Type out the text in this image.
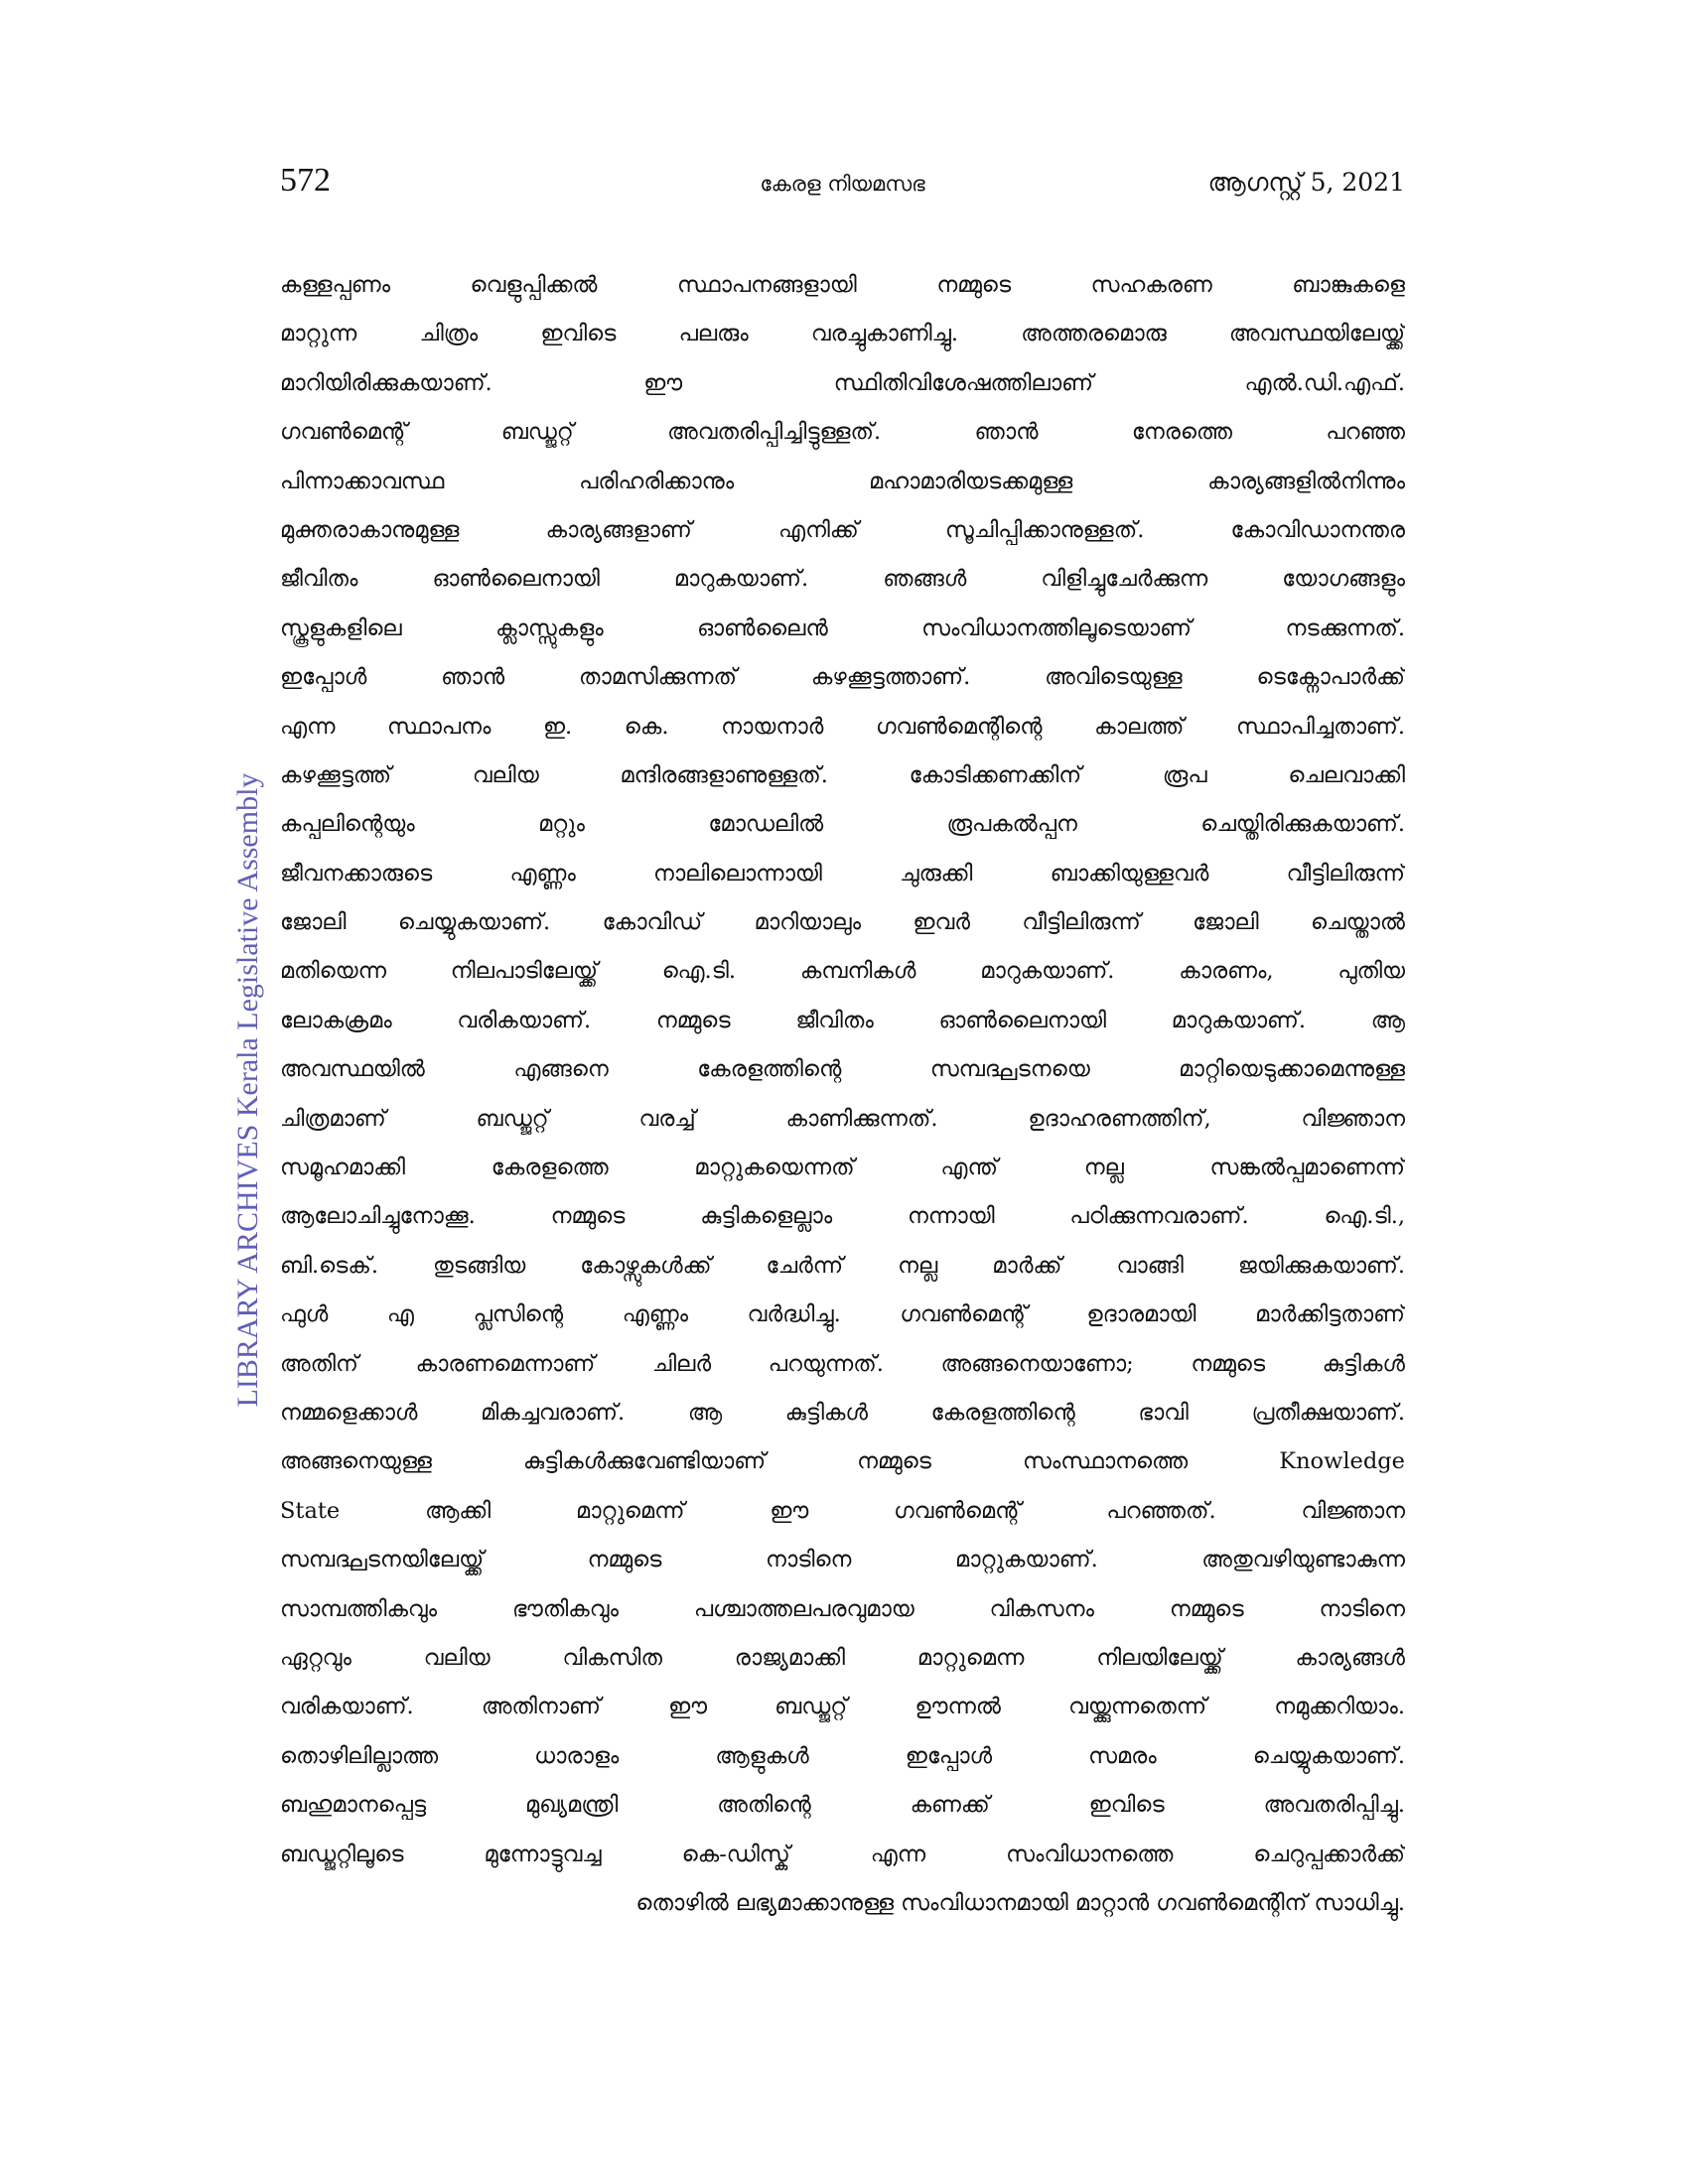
572	കേരള നിയമസഭ	ആഗസ്റ്റ് 5, 2021
LIBRARY ARCHIVES Kerala Legislative Assembly
കള്ളപ്പണം വെളുപ്പിക്കൽ സ്ഥാപനങ്ങളായി നമ്മുടെ സഹകരണ ബാങ്കുകളെ
മാറ്റുന്ന ചിത്രം ഇവിടെ പലരും വരച്ചുകാണിച്ചു. അത്തരമൊരു അവസ്ഥയിലേയ്ക്ക്
മാറിയിരിക്കുകയാണ്. ഈ സ്ഥിതിവിശേഷത്തിലാണ് എൽ.ഡി.എഫ്.
ഗവൺമെന്റ് ബഡ്ജറ്റ് അവതരിപ്പിച്ചിട്ടുള്ളത്. ഞാൻ നേരത്തെ പറഞ്ഞ
പിന്നാക്കാവസ്ഥ പരിഹരിക്കാനും മഹാമാരിയടക്കമുള്ള കാര്യങ്ങളിൽനിന്നും
മുക്തരാകാനുമുള്ള കാര്യങ്ങളാണ് എനിക്ക് സൂചിപ്പിക്കാനുള്ളത്. കോവിഡാനന്തര
ജീവിതം ഓൺലൈനായി മാറുകയാണ്. ഞങ്ങൾ വിളിച്ചുചേർക്കുന്ന യോഗങ്ങളും
സ്കൂളുകളിലെ ക്ലാസ്സുകളും ഓൺലൈൻ സംവിധാനത്തിലൂടെയാണ് നടക്കുന്നത്.
ഇപ്പോൾ ഞാൻ താമസിക്കുന്നത് കഴക്കൂട്ടത്താണ്. അവിടെയുള്ള ടെക്നോപാർക്ക്
എന്ന സ്ഥാപനം ഇ. കെ. നായനാർ ഗവൺമെന്റിന്റെ കാലത്ത് സ്ഥാപിച്ചതാണ്.
കഴക്കൂട്ടത്ത് വലിയ മന്ദിരങ്ങളാണുള്ളത്. കോടിക്കണക്കിന് രൂപ ചെലവാക്കി
കപ്പലിന്റെയും മറ്റും മോഡലിൽ രൂപകൽപ്പന ചെയ്തിരിക്കുകയാണ്.
ജീവനക്കാരുടെ എണ്ണം നാലിലൊന്നായി ചുരുക്കി ബാക്കിയുള്ളവർ വീട്ടിലിരുന്ന്
ജോലി ചെയ്യുകയാണ്. കോവിഡ് മാറിയാലും ഇവർ വീട്ടിലിരുന്ന് ജോലി ചെയ്താൽ
മതിയെന്ന നിലപാടിലേയ്ക്ക് ഐ.ടി. കമ്പനികൾ മാറുകയാണ്. കാരണം, പുതിയ
ലോകക്രമം വരികയാണ്. നമ്മുടെ ജീവിതം ഓൺലൈനായി മാറുകയാണ്. ആ
അവസ്ഥയിൽ എങ്ങനെ കേരളത്തിന്റെ സമ്പദ്ഘടനയെ മാറ്റിയെടുക്കാമെന്നുള്ള
ചിത്രമാണ് ബഡ്ജറ്റ് വരച്ച് കാണിക്കുന്നത്. ഉദാഹരണത്തിന്, വിജ്ഞാന
സമൂഹമാക്കി കേരളത്തെ മാറ്റുകയെന്നത് എന്ത് നല്ല സങ്കൽപ്പമാണെന്ന്
ആലോചിച്ചുനോക്കൂ. നമ്മുടെ കുട്ടികളെല്ലാം നന്നായി പഠിക്കുന്നവരാണ്. ഐ.ടി.,
ബി.ടെക്. തുടങ്ങിയ കോഴ്സുകൾക്ക് ചേർന്ന് നല്ല മാർക്ക് വാങ്ങി ജയിക്കുകയാണ്.
ഫുൾ എ പ്ലസിന്റെ എണ്ണം വർദ്ധിച്ചു. ഗവൺമെന്റ് ഉദാരമായി മാർക്കിട്ടതാണ്
അതിന് കാരണമെന്നാണ് ചിലർ പറയുന്നത്. അങ്ങനെയാണോ; നമ്മുടെ കുട്ടികൾ
നമ്മളെക്കാൾ മികച്ചവരാണ്. ആ കുട്ടികൾ കേരളത്തിന്റെ ഭാവി പ്രതീക്ഷയാണ്.
അങ്ങനെയുള്ള കുട്ടികൾക്കുവേണ്ടിയാണ് നമ്മുടെ സംസ്ഥാനത്തെ Knowledge
State ആക്കി മാറ്റുമെന്ന് ഈ ഗവൺമെന്റ് പറഞ്ഞത്. വിജ്ഞാന
സമ്പദ്ഘടനയിലേയ്ക്ക് നമ്മുടെ നാടിനെ മാറ്റുകയാണ്. അതുവഴിയുണ്ടാകുന്ന
സാമ്പത്തികവും ഭൗതികവും പശ്ചാത്തലപരവുമായ വികസനം നമ്മുടെ നാടിനെ
ഏറ്റവും വലിയ വികസിത രാജ്യമാക്കി മാറ്റുമെന്ന നിലയിലേയ്ക്ക് കാര്യങ്ങൾ
വരികയാണ്. അതിനാണ് ഈ ബഡ്ജറ്റ് ഊന്നൽ വയ്ക്കുന്നതെന്ന് നമുക്കറിയാം.
തൊഴിലില്ലാത്ത ധാരാളം ആളുകൾ ഇപ്പോൾ സമരം ചെയ്യുകയാണ്.
ബഹുമാനപ്പെട്ട മുഖ്യമന്ത്രി അതിന്റെ കണക്ക് ഇവിടെ അവതരിപ്പിച്ചു.
ബഡ്ജറ്റിലൂടെ മുന്നോട്ടുവച്ച കെ-ഡിസ്ക് എന്ന സംവിധാനത്തെ ചെറുപ്പക്കാർക്ക്
തൊഴിൽ ലഭ്യമാക്കാനുള്ള സംവിധാനമായി മാറ്റാൻ ഗവൺമെന്റിന് സാധിച്ചു.
